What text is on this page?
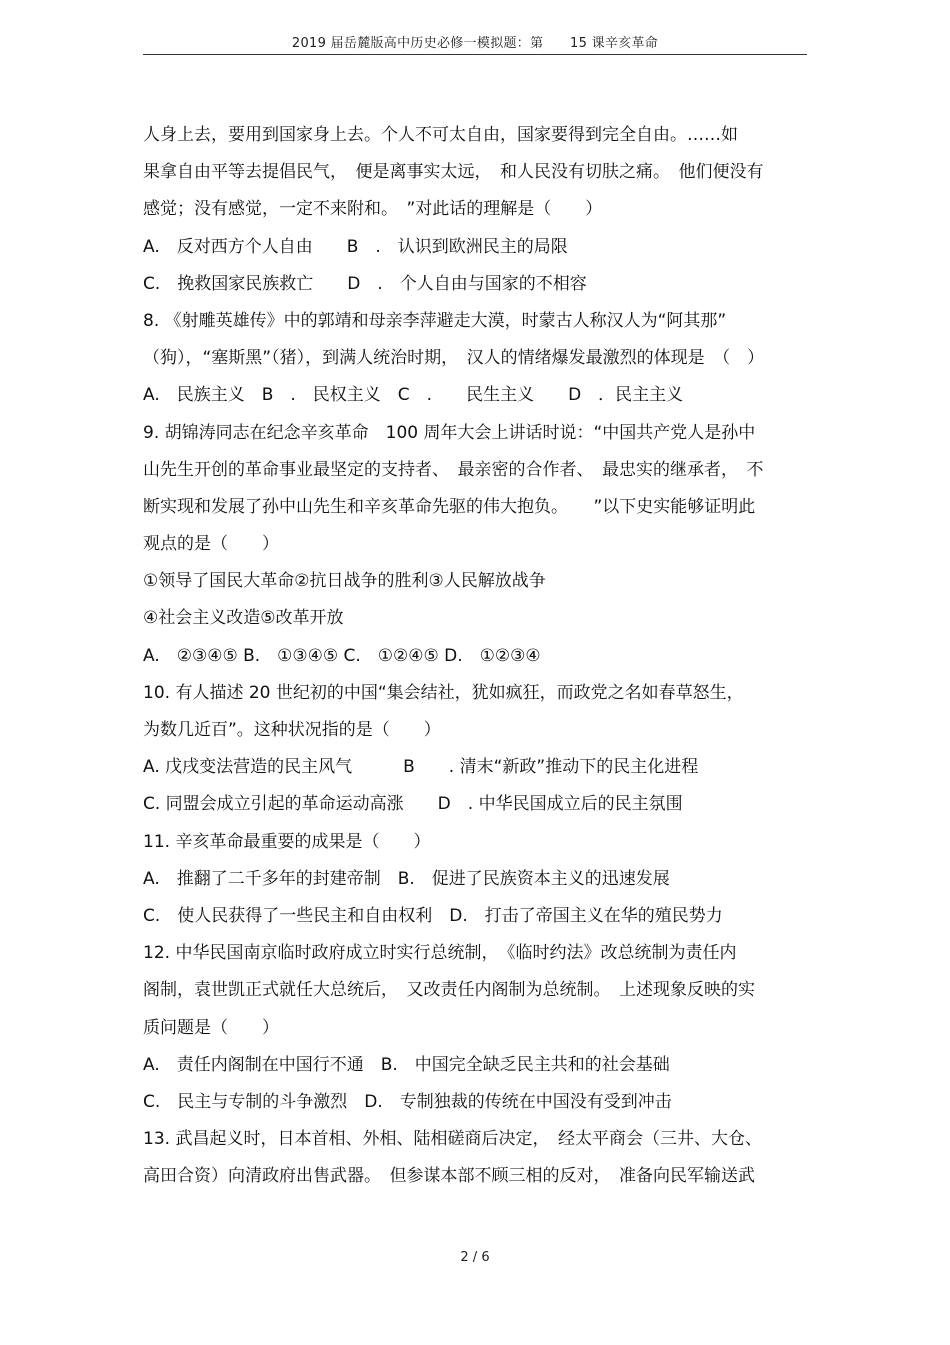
2019 届岳麓版高中历史必修一模拟题：第　　15 课辛亥革命
人身上去，要用到国家身上去。个人不可太自由，国家要得到完全自由。……如
果拿自由平等去提倡民气，　便是离事实太远，　和人民没有切肤之痛。　他们便没有
感觉；没有感觉，一定不来附和。　”对此话的理解是（　　）
A.　反对西方个人自由　　B　.　认识到欧洲民主的局限
C.　挽救国家民族救亡　　D　.　个人自由与国家的不相容
8. 《射雕英雄传》中的郭靖和母亲李萍避走大漠，时蒙古人称汉人为“阿其那”
（狗），“塞斯黑”（猪），到满人统治时期，　汉人的情绪爆发最激烈的体现是　（　）
A.　民族主义　B　.　民权主义　C　.　　民生主义　　D　．民主主义
9. 胡锦涛同志在纪念辛亥革命　100 周年大会上讲话时说：“中国共产党人是孙中
山先生开创的革命事业最坚定的支持者、　最亲密的合作者、　最忠实的继承者，　不
断实现和发展了孙中山先生和辛亥革命先驱的伟大抱负。　　”以下史实能够证明此
观点的是（　　）
①领导了国民大革命②抗日战争的胜利③人民解放战争
④社会主义改造⑤改革开放
A.　②③④⑤ B.　①③④⑤ C.　①②④⑤ D.　①②③④
10. 有人描述 20 世纪初的中国“集会结社，犹如疯狂，而政党之名如春草怒生，
为数几近百”。这种状况指的是（　　）
A. 戊戌变法营造的民主风气　　　B　　. 清末“新政”推动下的民主化进程
C. 同盟会成立引起的革命运动高涨　　D　. 中华民国成立后的民主氛围
11. 辛亥革命最重要的成果是（　　）
A.　推翻了二千多年的封建帝制　B.　促进了民族资本主义的迅速发展
C.　使人民获得了一些民主和自由权利　D.　打击了帝国主义在华的殖民势力
12. 中华民国南京临时政府成立时实行总统制，　《临时约法》改总统制为责任内
阁制，袁世凯正式就任大总统后，　又改责任内阁制为总统制。　上述现象反映的实
质问题是（　　）
A.　责任内阁制在中国行不通　B.　中国完全缺乏民主共和的社会基础
C.　民主与专制的斗争激烈　D.　专制独裁的传统在中国没有受到冲击
13. 武昌起义时，日本首相、外相、陆相磋商后决定，　经太平商会（三井、大仓、
高田合资）向清政府出售武器。　但参谋本部不顾三相的反对，　准备向民军输送武
2 / 6
